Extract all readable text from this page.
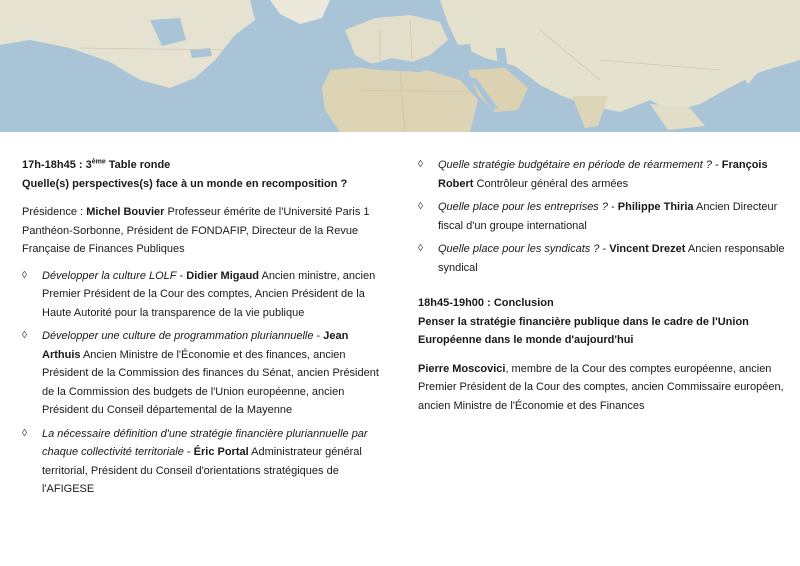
17h-18h45 : 3ème Table ronde

Quelle(s) perspectives(s) face à un monde en recomposition ?

Présidence : Michel Bouvier Professeur émérite de l'Université Paris 1 Panthéon-Sorbonne, Président de FONDAFIP, Directeur de la Revue Française de Finances Publiques

◊ Développer la culture LOLF - Didier Migaud Ancien ministre, ancien Premier Président de la Cour des comptes, Ancien Président de la Haute Autorité pour la transparence de la vie publique
◊ Développer une culture de programmation pluriannuelle - Jean Arthuis Ancien Ministre de l'Économie et des finances, ancien Président de la Commission des finances du Sénat, ancien Président de la Commission des budgets de l'Union européenne, ancien Président du Conseil départemental de la Mayenne
◊ La nécessaire définition d'une stratégie financière pluriannuelle par chaque collectivité territoriale - Éric Portal Administrateur général territorial, Président du Conseil d'orientations stratégiques de l'AFIGESE
◊ Quelle stratégie budgétaire en période de réarmement ? - François Robert Contrôleur général des armées
◊ Quelle place pour les entreprises ? - Philippe Thiria Ancien Directeur fiscal d'un groupe international
◊ Quelle place pour les syndicats ? - Vincent Drezet Ancien responsable syndical

18h45-19h00 : Conclusion

Penser la stratégie financière publique dans le cadre de l'Union Européenne dans le monde d'aujourd'hui

Pierre Moscovici, membre de la Cour des comptes européenne, ancien Premier Président de la Cour des comptes, ancien Commissaire européen, ancien Ministre de l'Économie et des Finances
